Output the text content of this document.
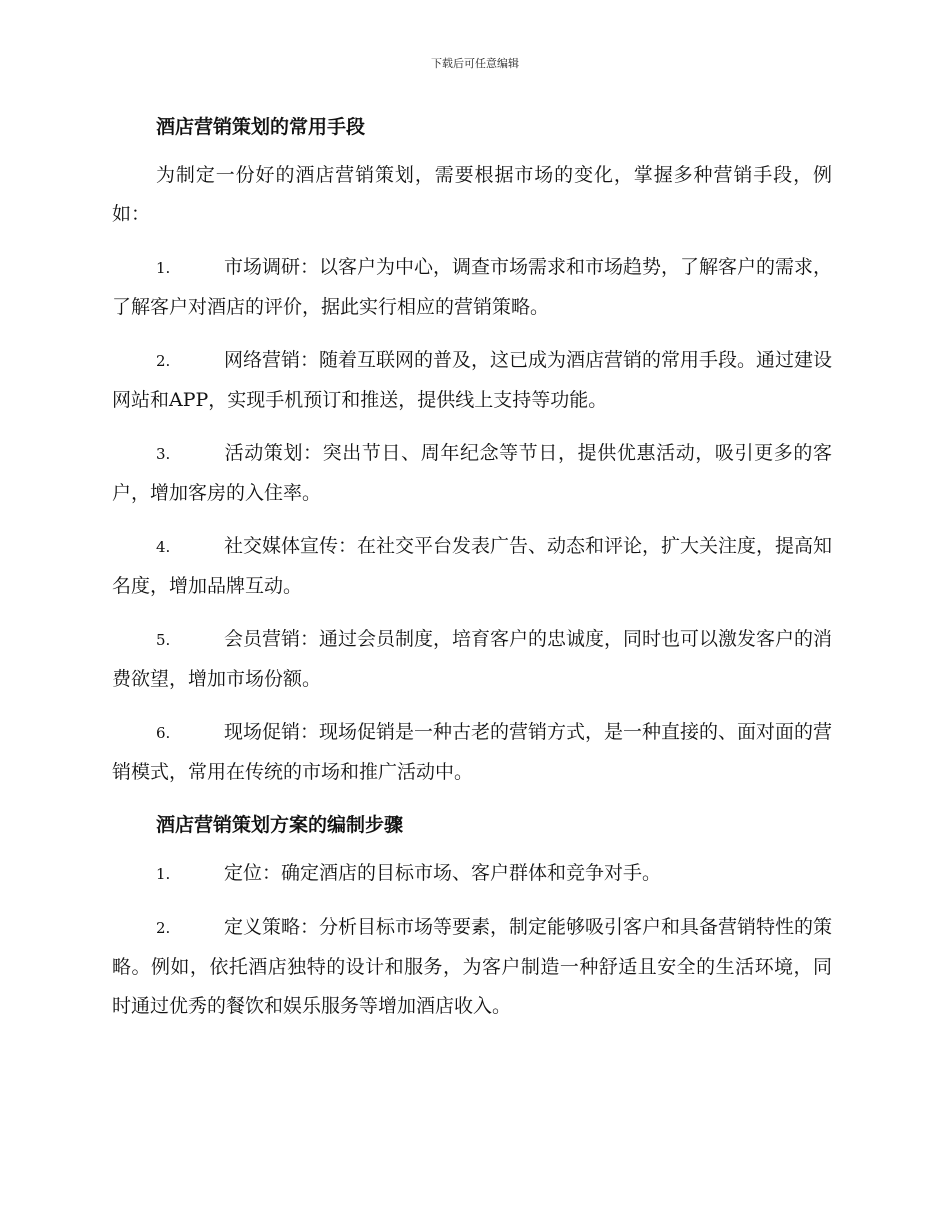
下载后可任意编辑
酒店营销策划的常用手段

为制定一份好的酒店营销策划，需要根据市场的变化，掌握多种营销手段，例如：

1.	市场调研：以客户为中心，调查市场需求和市场趋势，了解客户的需求，了解客户对酒店的评价，据此实行相应的营销策略。

2.	网络营销：随着互联网的普及，这已成为酒店营销的常用手段。通过建设网站和APP，实现手机预订和推送，提供线上支持等功能。

3.	活动策划：突出节日、周年纪念等节日，提供优惠活动，吸引更多的客户，增加客房的入住率。

4.	社交媒体宣传：在社交平台发表广告、动态和评论，扩大关注度，提高知名度，增加品牌互动。

5.	会员营销：通过会员制度，培育客户的忠诚度，同时也可以激发客户的消费欲望，增加市场份额。

6.	现场促销：现场促销是一种古老的营销方式，是一种直接的、面对面的营销模式，常用在传统的市场和推广活动中。

酒店营销策划方案的编制步骤

1.	定位：确定酒店的目标市场、客户群体和竞争对手。

2.	定义策略：分析目标市场等要素，制定能够吸引客户和具备营销特性的策略。例如，依托酒店独特的设计和服务，为客户制造一种舒适且安全的生活环境，同时通过优秀的餐饮和娱乐服务等增加酒店收入。
